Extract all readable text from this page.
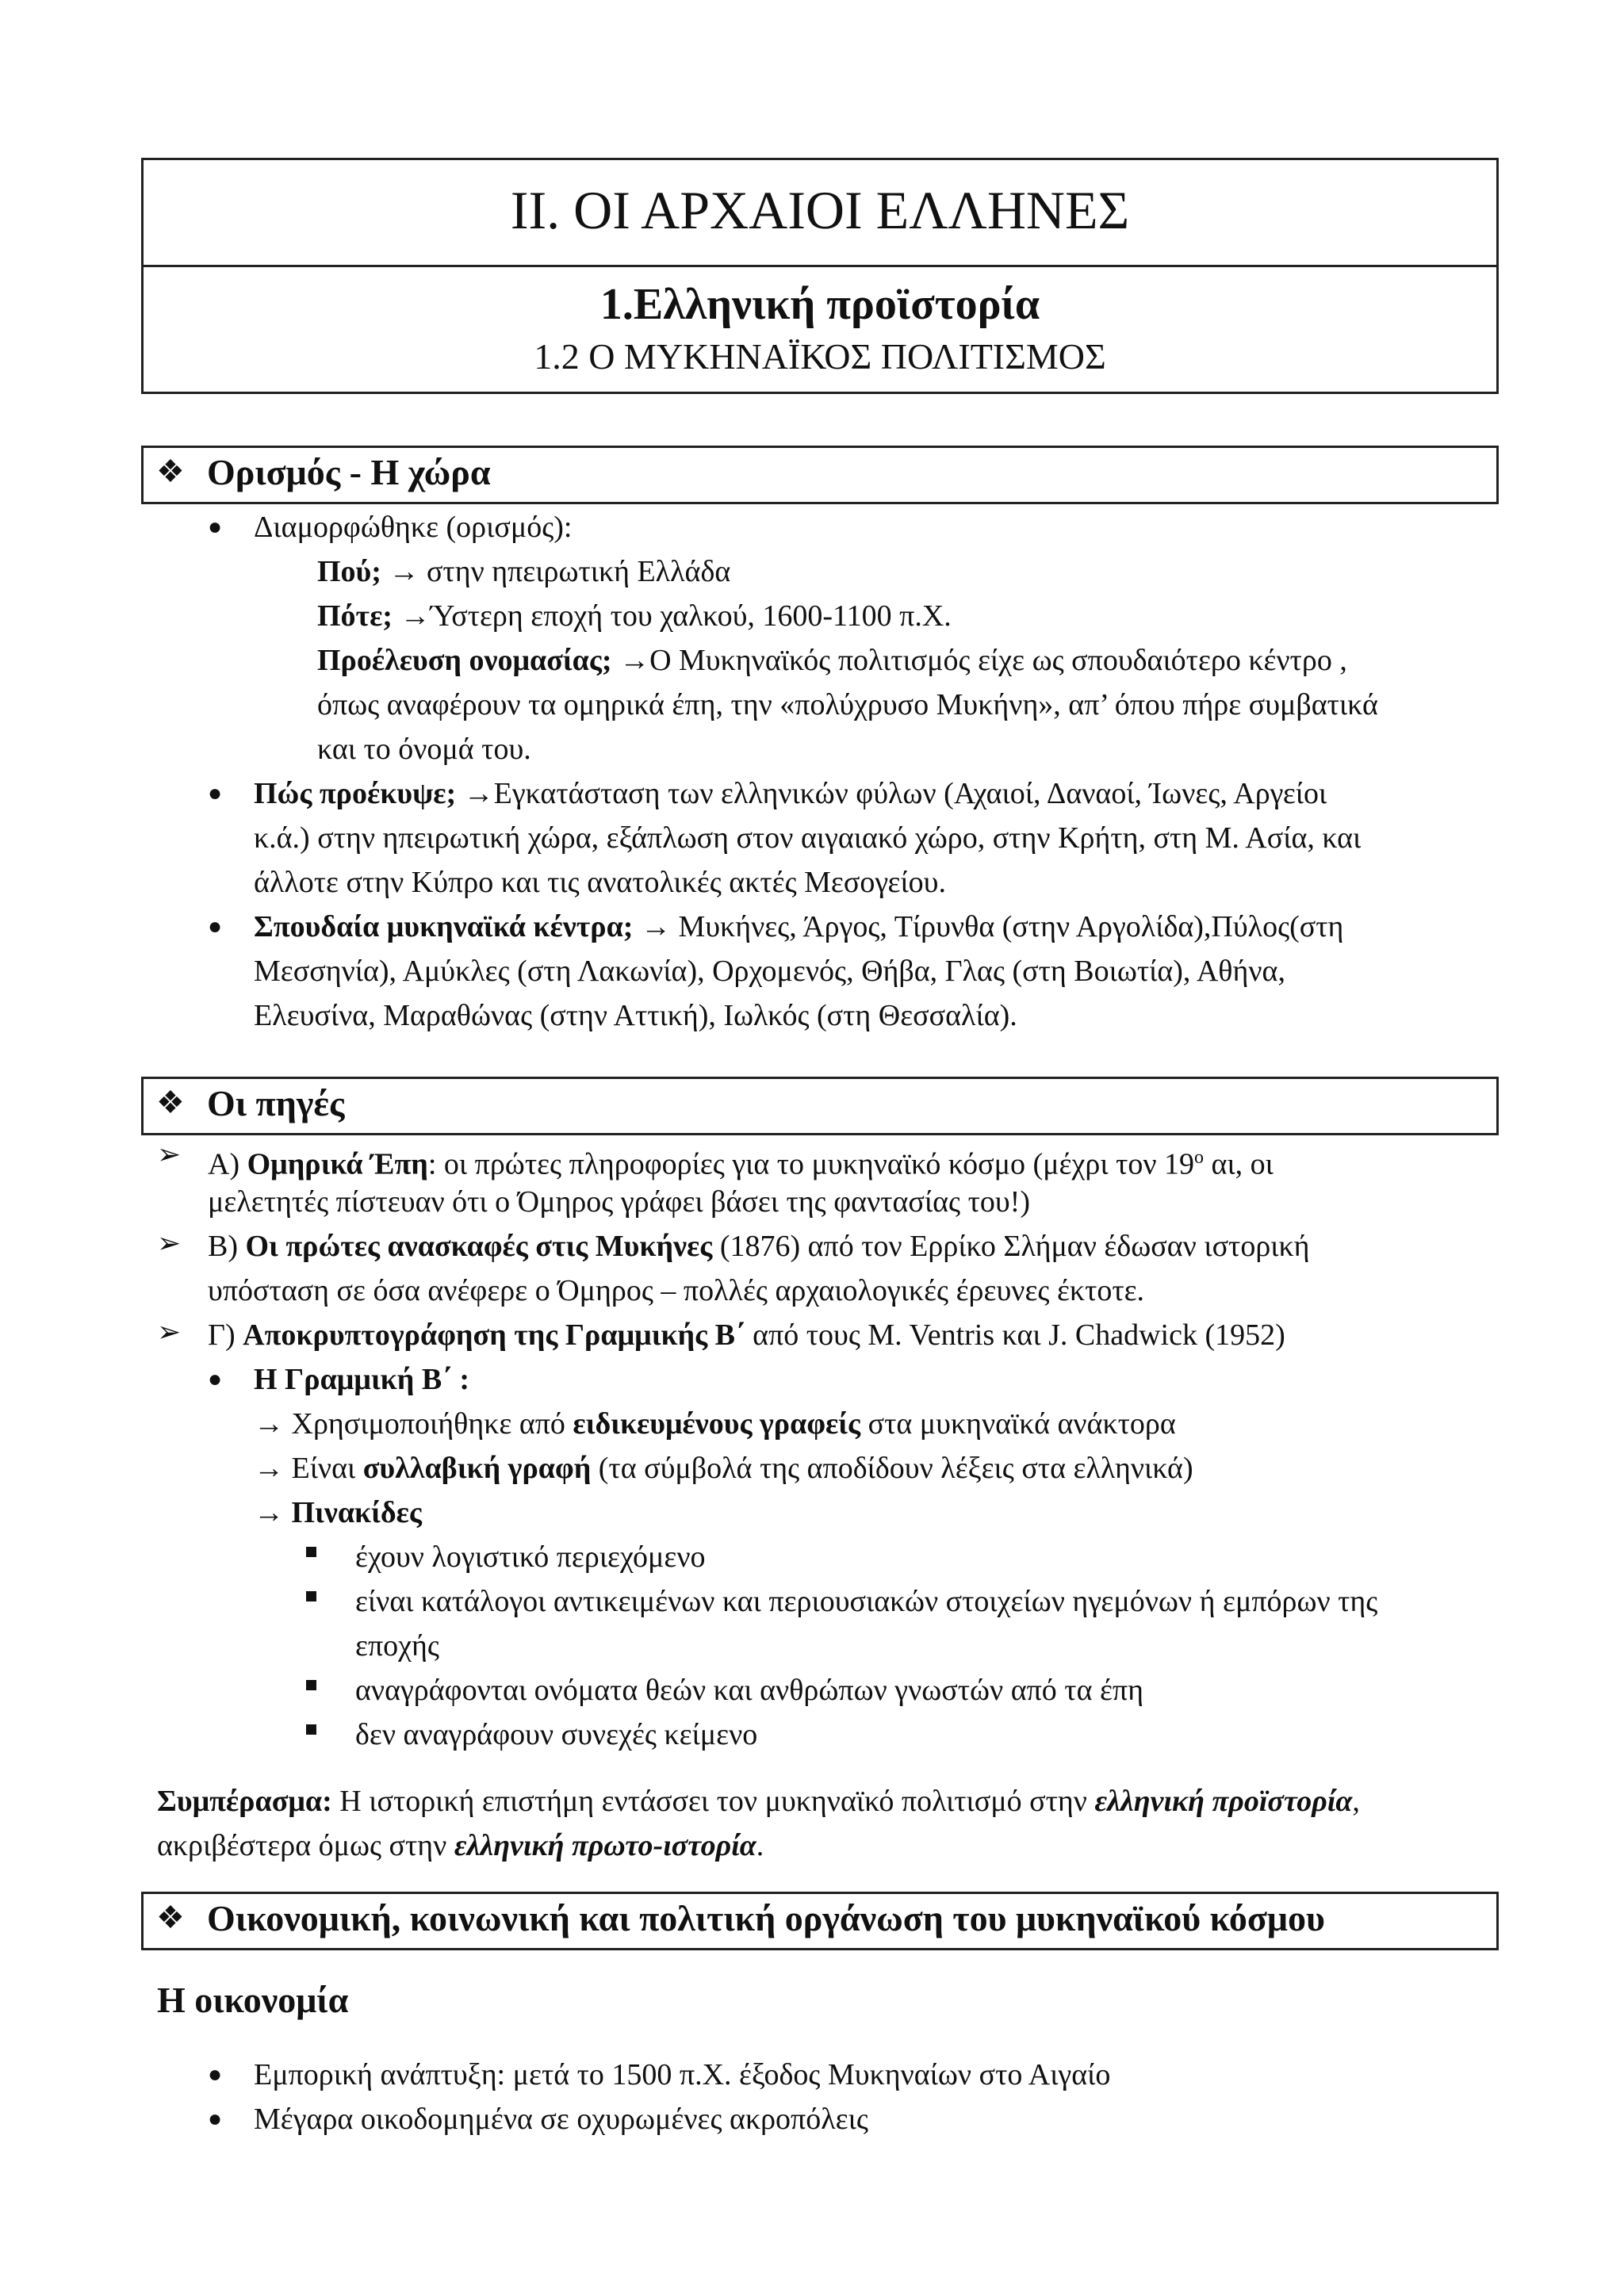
ΙΙ. ΟΙ ΑΡΧΑΙΟΙ ΕΛΛΗΝΕΣ
1.Ελληνική προϊστορία
1.2 Ο ΜΥΚΗΝΑΪΚΟΣ ΠΟΛΙΤΙΣΜΟΣ
❖ Ορισμός - Η χώρα
● Διαμορφώθηκε (ορισμός):
Πού; → στην ηπειρωτική Ελλάδα
Πότε; →Ύστερη εποχή του χαλκού, 1600-1100 π.Χ.
Προέλευση ονομασίας; →Ο Μυκηναϊκός πολιτισμός είχε ως σπουδαιότερο κέντρο ,
όπως αναφέρουν τα ομηρικά έπη, την «πολύχρυσο Μυκήνη», απ’ όπου πήρε συμβατικά
και το όνομά του.
● Πώς προέκυψε; →Εγκατάσταση των ελληνικών φύλων (Αχαιοί, Δαναοί, Ίωνες, Αργείοι
κ.ά.) στην ηπειρωτική χώρα, εξάπλωση στον αιγαιακό χώρο, στην Κρήτη, στη Μ. Ασία, και
άλλοτε στην Κύπρο και τις ανατολικές ακτές Μεσογείου.
● Σπουδαία μυκηναϊκά κέντρα; → Μυκήνες, Άργος, Τίρυνθα (στην Αργολίδα),Πύλος(στη
Μεσσηνία), Αμύκλες (στη Λακωνία), Ορχομενός, Θήβα, Γλας (στη Βοιωτία), Αθήνα,
Ελευσίνα, Μαραθώνας (στην Αττική), Ιωλκός (στη Θεσσαλία).
❖ Οι πηγές
➢ Α) Ομηρικά Έπη: οι πρώτες πληροφορίες για το μυκηναϊκό κόσμο (μέχρι τον $19^o$ αι, οι
μελετητές πίστευαν ότι ο Όμηρος γράφει βάσει της φαντασίας του!)
➢ Β) Οι πρώτες ανασκαφές στις Μυκήνες (1876) από τον Ερρίκο Σλήμαν έδωσαν ιστορική
υπόσταση σε όσα ανέφερε ο Όμηρος – πολλές αρχαιολογικές έρευνες έκτοτε.
➢ Γ) Αποκρυπτογράφηση της Γραμμικής Β΄ από τους M. Ventris και J. Chadwick (1952)
● Η Γραμμική Β΄ :
→ Χρησιμοποιήθηκε από ειδικευμένους γραφείς στα μυκηναϊκά ανάκτορα
→ Είναι συλλαβική γραφή (τα σύμβολά της αποδίδουν λέξεις στα ελληνικά)
→ Πινακίδες
έχουν λογιστικό περιεχόμενο
είναι κατάλογοι αντικειμένων και περιουσιακών στοιχείων ηγεμόνων ή εμπόρων της
εποχής
αναγράφονται ονόματα θεών και ανθρώπων γνωστών από τα έπη
δεν αναγράφουν συνεχές κείμενο
Συμπέρασμα: Η ιστορική επιστήμη εντάσσει τον μυκηναϊκό πολιτισμό στην ελληνική προϊστορία,
ακριβέστερα όμως στην ελληνική πρωτο-ιστορία.
❖ Οικονομική, κοινωνική και πολιτική οργάνωση του μυκηναϊκού κόσμου
Η οικονομία
● Εμπορική ανάπτυξη: μετά το 1500 π.Χ. έξοδος Μυκηναίων στο Αιγαίο
● Μέγαρα οικοδομημένα σε οχυρωμένες ακροπόλεις
